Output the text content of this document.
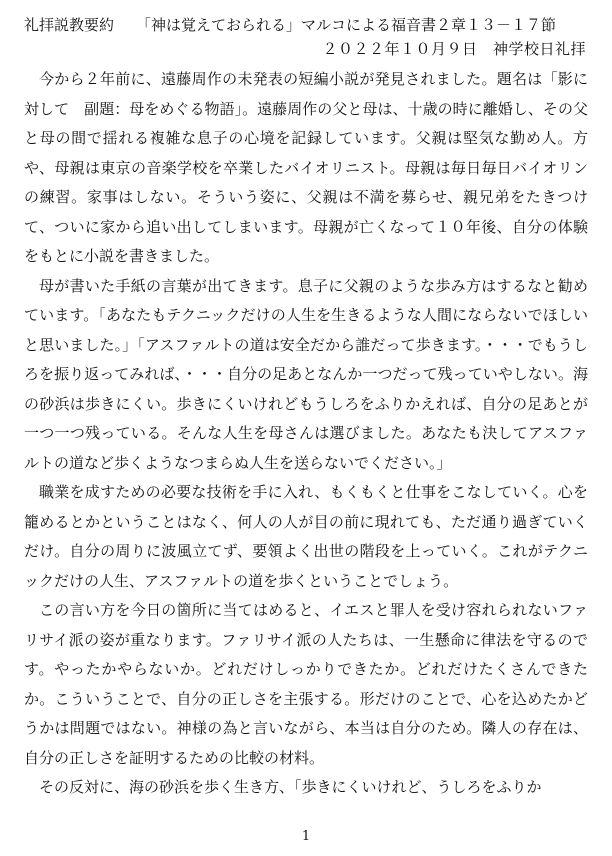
礼拝説教要約 「神は覚えておられる」マルコによる福音書２章１３－１７節
２０２２年１０月９日　神学校日礼拝

今から２年前に、遠藤周作の未発表の短編小説が発見されました。題名は「影に対して　副題：母をめぐる物語」。遠藤周作の父と母は、十歳の時に離婚し、その父と母の間で揺れる複雑な息子の心境を記録しています。父親は堅気な勤め人。方や、母親は東京の音楽学校を卒業したバイオリニスト。母親は毎日毎日バイオリンの練習。家事はしない。そういう姿に、父親は不満を募らせ、親兄弟をたきつけて、ついに家から追い出してしまいます。母親が亡くなって１０年後、自分の体験をもとに小説を書きました。

母が書いた手紙の言葉が出てきます。息子に父親のような歩み方はするなと勧めています。「あなたもテクニックだけの人生を生きるような人間にならないでほしいと思いました。」「アスファルトの道は安全だから誰だって歩きます。・・・でもうしろを振り返ってみれば、・・・自分の足あとなんか一つだって残っていやしない。海の砂浜は歩きにくい。歩きにくいけれどもうしろをふりかえれば、自分の足あとが一つ一つ残っている。そんな人生を母さんは選びました。あなたも決してアスファルトの道など歩くようなつまらぬ人生を送らないでください。」

職業を成すための必要な技術を手に入れ、もくもくと仕事をこなしていく。心を籠めるとかということはなく、何人の人が目の前に現れても、ただ通り過ぎていくだけ。自分の周りに波風立てず、要領よく出世の階段を上っていく。これがテクニックだけの人生、アスファルトの道を歩くということでしょう。

この言い方を今日の箇所に当てはめると、イエスと罪人を受け容れられないファリサイ派の姿が重なります。ファリサイ派の人たちは、一生懸命に律法を守るのです。やったかやらないか。どれだけしっかりできたか。どれだけたくさんできたか。こういうことで、自分の正しさを主張する。形だけのことで、心を込めたかどうかは問題ではない。神様の為と言いながら、本当は自分のため。隣人の存在は、自分の正しさを証明するための比較の材料。

その反対に、海の砂浜を歩く生き方、「歩きにくいけれど、うしろをふりか

1
